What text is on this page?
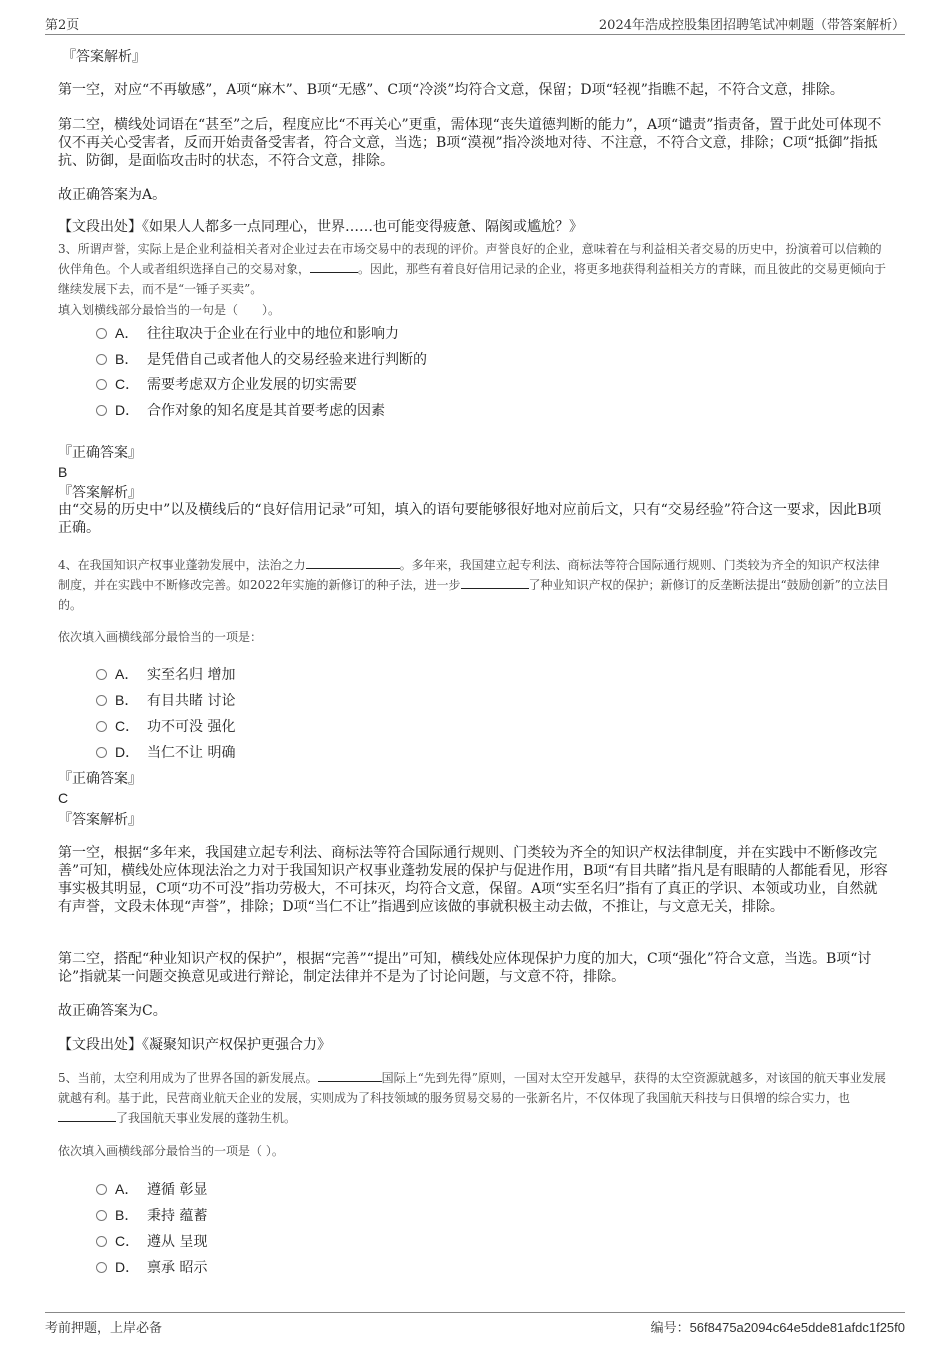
第2页	2024年浩成控股集团招聘笔试冲刺题（带答案解析）
『答案解析』

第一空，对应“不再敏感”，A项“麻木”、B项“无感”、C项“冷淡”均符合文意，保留；D项“轻视”指瞧不起，不符合文意，排除。

第二空，横线处词语在“甚至”之后，程度应比“不再关心”更重，需体现“丧失道德判断的能力”，A项“谴责”指责备，置于此处可体现不仅不再关心受害者，反而开始责备受害者，符合文意，当选；B项“漠视”指冷淡地对待、不注意，不符合文意，排除；C项“抵御”指抵抗、防御，是面临攻击时的状态，不符合文意，排除。

故正确答案为A。
【文段出处】《如果人人都多一点同理心，世界……也可能变得疲惫、隔阂或尴尬？》

3、所谓声誉，实际上是企业利益相关者对企业过去在市场交易中的表现的评价。声誉良好的企业，意味着在与利益相关者交易的历史中，扮演着可以信赖的伙伴角色。个人或者组织选择自己的交易对象，	。因此，那些有着良好信用记录的企业，将更多地获得利益相关方的青睐，而且彼此的交易更倾向于继续发展下去，而不是“一锤子买卖”。

填入划横线部分最恰当的一句是（　　）。
A． 往往取决于企业在行业中的地位和影响力
B． 是凭借自己或者他人的交易经验来进行判断的
C． 需要考虑双方企业发展的切实需要
D． 合作对象的知名度是其首要考虑的因素
『正确答案』
B
『答案解析』

由“交易的历史中”以及横线后的“良好信用记录”可知，填入的语句要能够很好地对应前后文，只有“交易经验”符合这一要求，因此B项正确。

4、在我国知识产权事业蓬勃发展中，法治之力	。多年来，我国建立起专利法、商标法等符合国际通行规则、门类较为齐全的知识产权法律制度，并在实践中不断修改完善。如2022年实施的新修订的种子法，进一步	了种业知识产权的保护；新修订的反垄断法提出“鼓励创新”的立法目的。

依次填入画横线部分最恰当的一项是：
A． 实至名归 增加
B． 有目共睹 讨论
C． 功不可没 强化
D． 当仁不让 明确
『正确答案』
C
『答案解析』

第一空，根据“多年来，我国建立起专利法、商标法等符合国际通行规则、门类较为齐全的知识产权法律制度，并在实践中不断修改完善”可知，横线处应体现法治之力对于我国知识产权事业蓬勃发展的保护与促进作用，B项“有目共睹”指凡是有眼睛的人都能看见，形容事实极其明显，C项“功不可没”指功劳极大，不可抹灭，均符合文意，保留。A项“实至名归”指有了真正的学识、本领或功业，自然就有声誉，文段未体现“声誉”，排除；D项“当仁不让”指遇到应该做的事就积极主动去做，不推让，与文意无关，排除。

第二空，搭配“种业知识产权的保护”，根据“完善”“提出”可知，横线处应体现保护力度的加大，C项“强化”符合文意，当选。B项“讨论”指就某一问题交换意见或进行辩论，制定法律并不是为了讨论问题，与文意不符，排除。

故正确答案为C。
【文段出处】《凝聚知识产权保护更强合力》

5、当前，太空利用成为了世界各国的新发展点。	国际上“先到先得”原则，一国对太空开发越早，获得的太空资源就越多，对该国的航天事业发展就越有利。基于此，民营商业航天企业的发展，实则成为了科技领域的服务贸易交易的一张新名片，不仅体现了我国航天科技与日俱增的综合实力，也了我国航天事业发展的蓬勃生机。

依次填入画横线部分最恰当的一项是（ ）。
A． 遵循 彰显
B． 秉持 蕴蓄
C． 遵从 呈现
D． 禀承 昭示
考前押题，上岸必备	编号：56f8475a2094c64e5dde81afdc1f25f0
